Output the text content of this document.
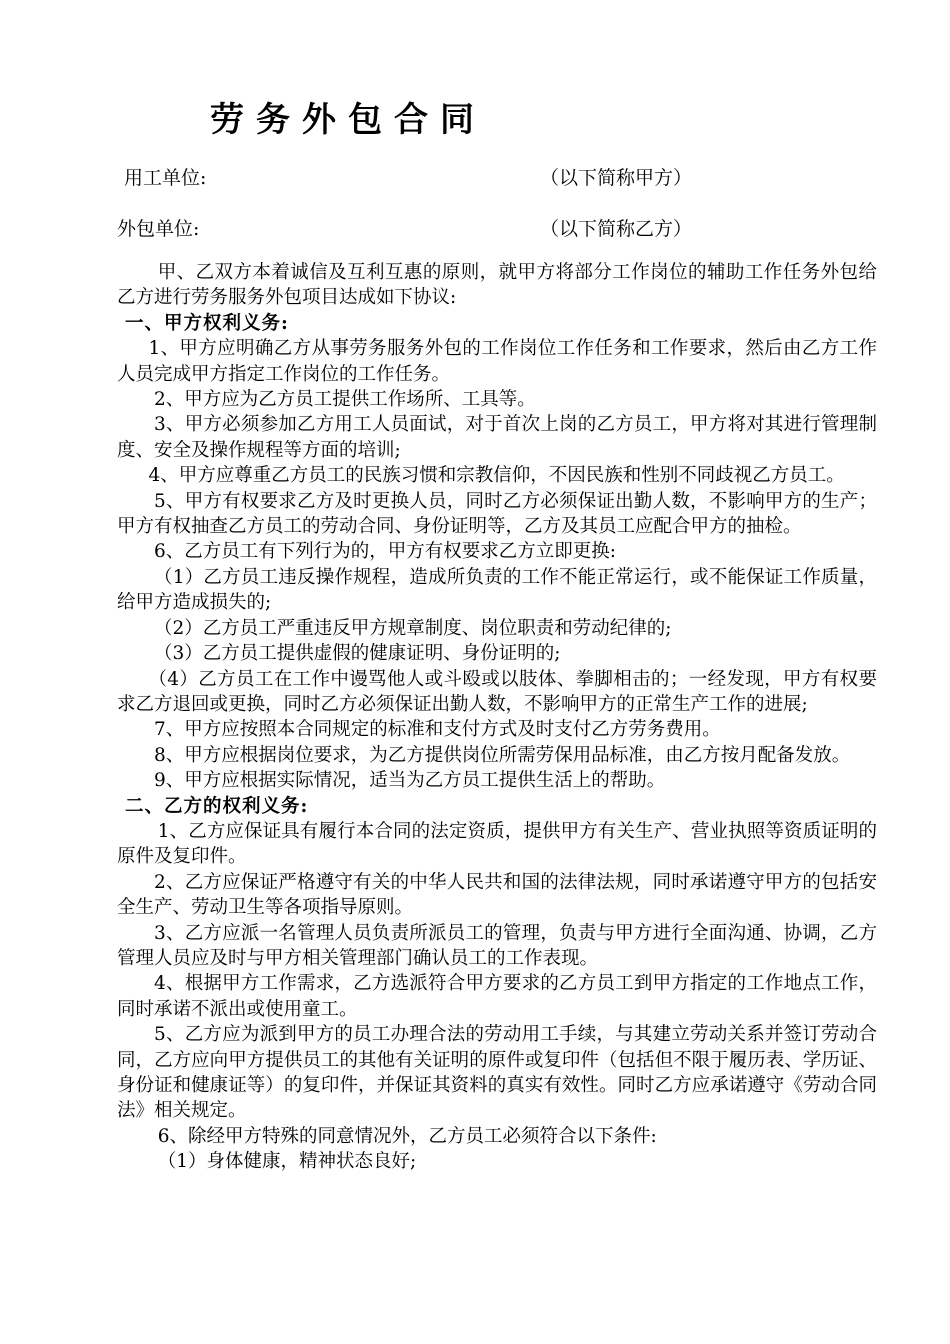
劳务外包合同
用工单位:	（以下简称甲方）
外包单位:	（以下简称乙方）

甲、乙双方本着诚信及互利互惠的原则，就甲方将部分工作岗位的辅助工作任务外包给乙方进行劳务服务外包项目达成如下协议:

一、甲方权利义务:

1、甲方应明确乙方从事劳务服务外包的工作岗位工作任务和工作要求，然后由乙方工作人员完成甲方指定工作岗位的工作任务。

2、甲方应为乙方员工提供工作场所、工具等。

3、甲方必须参加乙方用工人员面试，对于首次上岗的乙方员工，甲方将对其进行管理制度、安全及操作规程等方面的培训;

4、甲方应尊重乙方员工的民族习惯和宗教信仰，不因民族和性别不同歧视乙方员工。

5、甲方有权要求乙方及时更换人员，同时乙方必须保证出勤人数，不影响甲方的生产；甲方有权抽查乙方员工的劳动合同、身份证明等，乙方及其员工应配合甲方的抽检。

6、乙方员工有下列行为的，甲方有权要求乙方立即更换:

（1）乙方员工违反操作规程，造成所负责的工作不能正常运行，或不能保证工作质量，给甲方造成损失的;

（2）乙方员工严重违反甲方规章制度、岗位职责和劳动纪律的;

（3）乙方员工提供虚假的健康证明、身份证明的;

（4）乙方员工在工作中谩骂他人或斗殴或以肢体、拳脚相击的；一经发现，甲方有权要求乙方退回或更换，同时乙方必须保证出勤人数，不影响甲方的正常生产工作的进展;

7、甲方应按照本合同规定的标准和支付方式及时支付乙方劳务费用。

8、甲方应根据岗位要求，为乙方提供岗位所需劳保用品标准，由乙方按月配备发放。

9、甲方应根据实际情况，适当为乙方员工提供生活上的帮助。

二、乙方的权利义务:

1、乙方应保证具有履行本合同的法定资质，提供甲方有关生产、营业执照等资质证明的原件及复印件。

2、乙方应保证严格遵守有关的中华人民共和国的法律法规，同时承诺遵守甲方的包括安全生产、劳动卫生等各项指导原则。

3、乙方应派一名管理人员负责所派员工的管理，负责与甲方进行全面沟通、协调，乙方管理人员应及时与甲方相关管理部门确认员工的工作表现。

4、根据甲方工作需求，乙方选派符合甲方要求的乙方员工到甲方指定的工作地点工作，同时承诺不派出或使用童工。

5、乙方应为派到甲方的员工办理合法的劳动用工手续，与其建立劳动关系并签订劳动合同，乙方应向甲方提供员工的其他有关证明的原件或复印件（包括但不限于履历表、学历证、身份证和健康证等）的复印件，并保证其资料的真实有效性。同时乙方应承诺遵守《劳动合同法》相关规定。

6、除经甲方特殊的同意情况外，乙方员工必须符合以下条件:

（1）身体健康，精神状态良好;
